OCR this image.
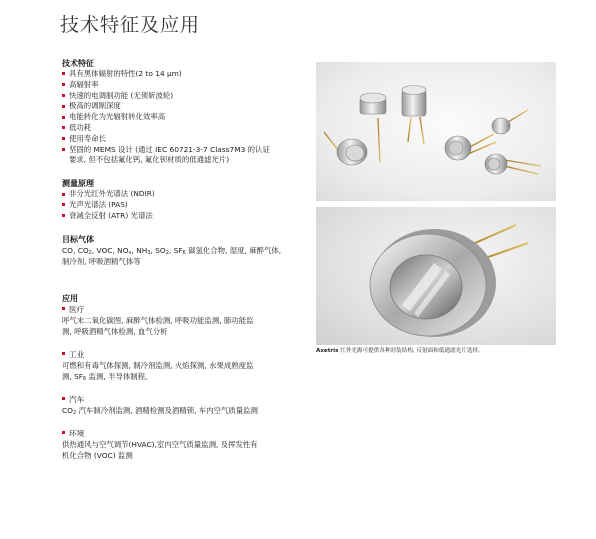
技术特征及应用
技术特征
具有黑体辐射的特性(2 to 14 µm)
高辐射率
快速的电调制功能 (无须斩波轮)
极高的调制深度
电能转化为光辐射转化效率高
低功耗
使用寿命长
坚固的 MEMS 设计 (通过 IEC 60721-3-7 Class7M3 的认证
要求, 但不包括氟化钙, 氟化钡材质的低通滤光片)
测量原理
非分光红外光谱法 (NDIR)
光声光谱法 (PAS)
衰减全反射 (ATR) 光谱法
目标气体
CO, $CO_2$, VOC, $NO_x$, $NH_3$, $SO_2$, $SF_6$ 碳氢化合物, 湿度, 麻醉气体,
制冷剂, 呼吸酒精气体等
应用
医疗
呼气末二氧化碳图, 麻醉气体检测, 呼吸功能监测, 肺功能监
测, 呼吸酒精气体检测, 血气分析
工业
可燃和有毒气体探测, 制冷剂监测, 火焰探测, 水果成熟度监
测, $SF_6$ 监测, 半导体制程。
汽车
$CO_2$ 汽车制冷剂监测, 酒精检测及酒精锁, 车内空气质量监测
环境
供热通风与空气调节(HVAC),室内空气质量监测, 及挥发性有
机化合物 (VOC) 监测
Axetris 红外光源可提供各种封装结构, 反射面和低通滤光片选择。
